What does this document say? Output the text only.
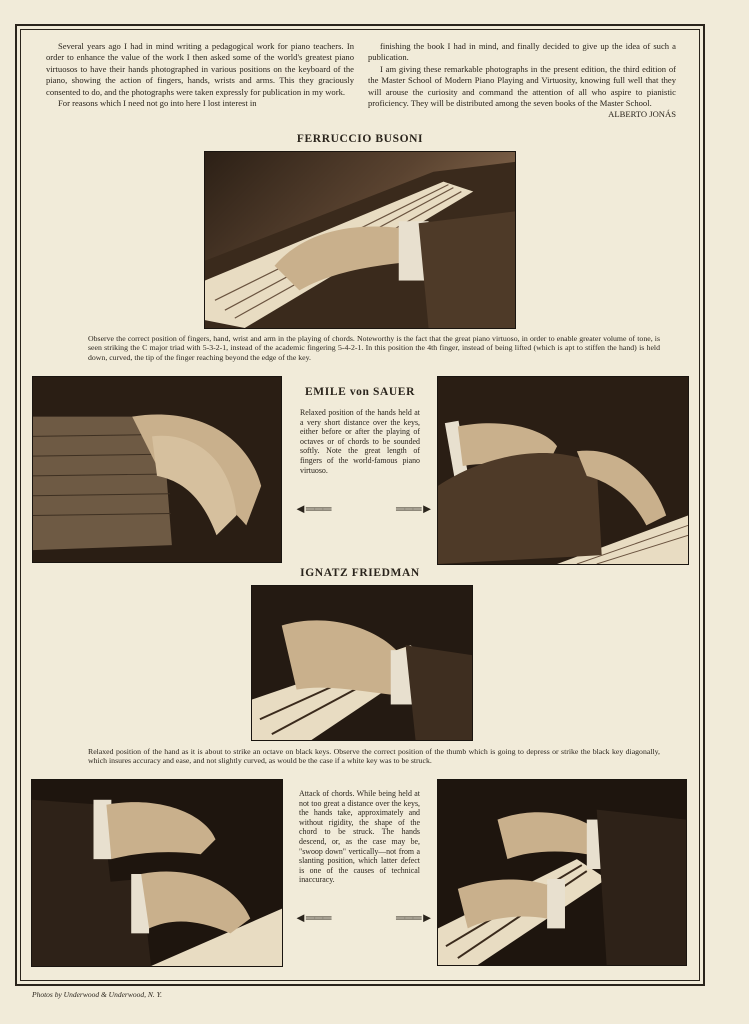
Several years ago I had in mind writing a pedagogical work for piano teachers. In order to enhance the value of the work I then asked some of the world's greatest piano virtuosos to have their hands photographed in various positions on the keyboard of the piano, showing the action of fingers, hands, wrists and arms. This they graciously consented to do, and the photographs were taken expressly for publication in my work.

For reasons which I need not go into here I lost interest in

finishing the book I had in mind, and finally decided to give up the idea of such a publication.

I am giving these remarkable photographs in the present edition, the third edition of the Master School of Modern Piano Playing and Virtuosity, knowing full well that they will arouse the curiosity and command the attention of all who aspire to pianistic proficiency. They will be distributed among the seven books of the Master School.

ALBERTO JONÁS

FERRUCCIO BUSONI
Observe the correct position of fingers, hand, wrist and arm in the playing of chords. Noteworthy is the fact that the great piano virtuoso, in order to enable greater volume of tone, is seen striking the C major triad with 5-3-2-1, instead of the academic fingering 5-4-2-1. In this position the 4th finger, instead of being lifted (which is apt to stiffen the hand) is held down, curved, the tip of the finger reaching beyond the edge of the key.
EMILE von SAUER
Relaxed position of the hands held at a very short distance over the keys, either before or after the playing of octaves or of chords to be sounded softly. Note the great length of fingers of the world-famous piano virtuoso.
◄═══	═══►
IGNATZ FRIEDMAN
Relaxed position of the hand as it is about to strike an octave on black keys. Observe the correct position of the thumb which is going to depress or strike the black key diagonally, which insures accuracy and ease, and not slightly curved, as would be the case if a white key was to be struck.
Attack of chords. While being held at not too great a distance over the keys, the hands take, approximately and without rigidity, the shape of the chord to be struck. The hands descend, or, as the case may be, "swoop down" vertically—not from a slanting position, which latter defect is one of the causes of technical inaccuracy.
◄═══	═══►
Photos by Underwood & Underwood, N. Y.
